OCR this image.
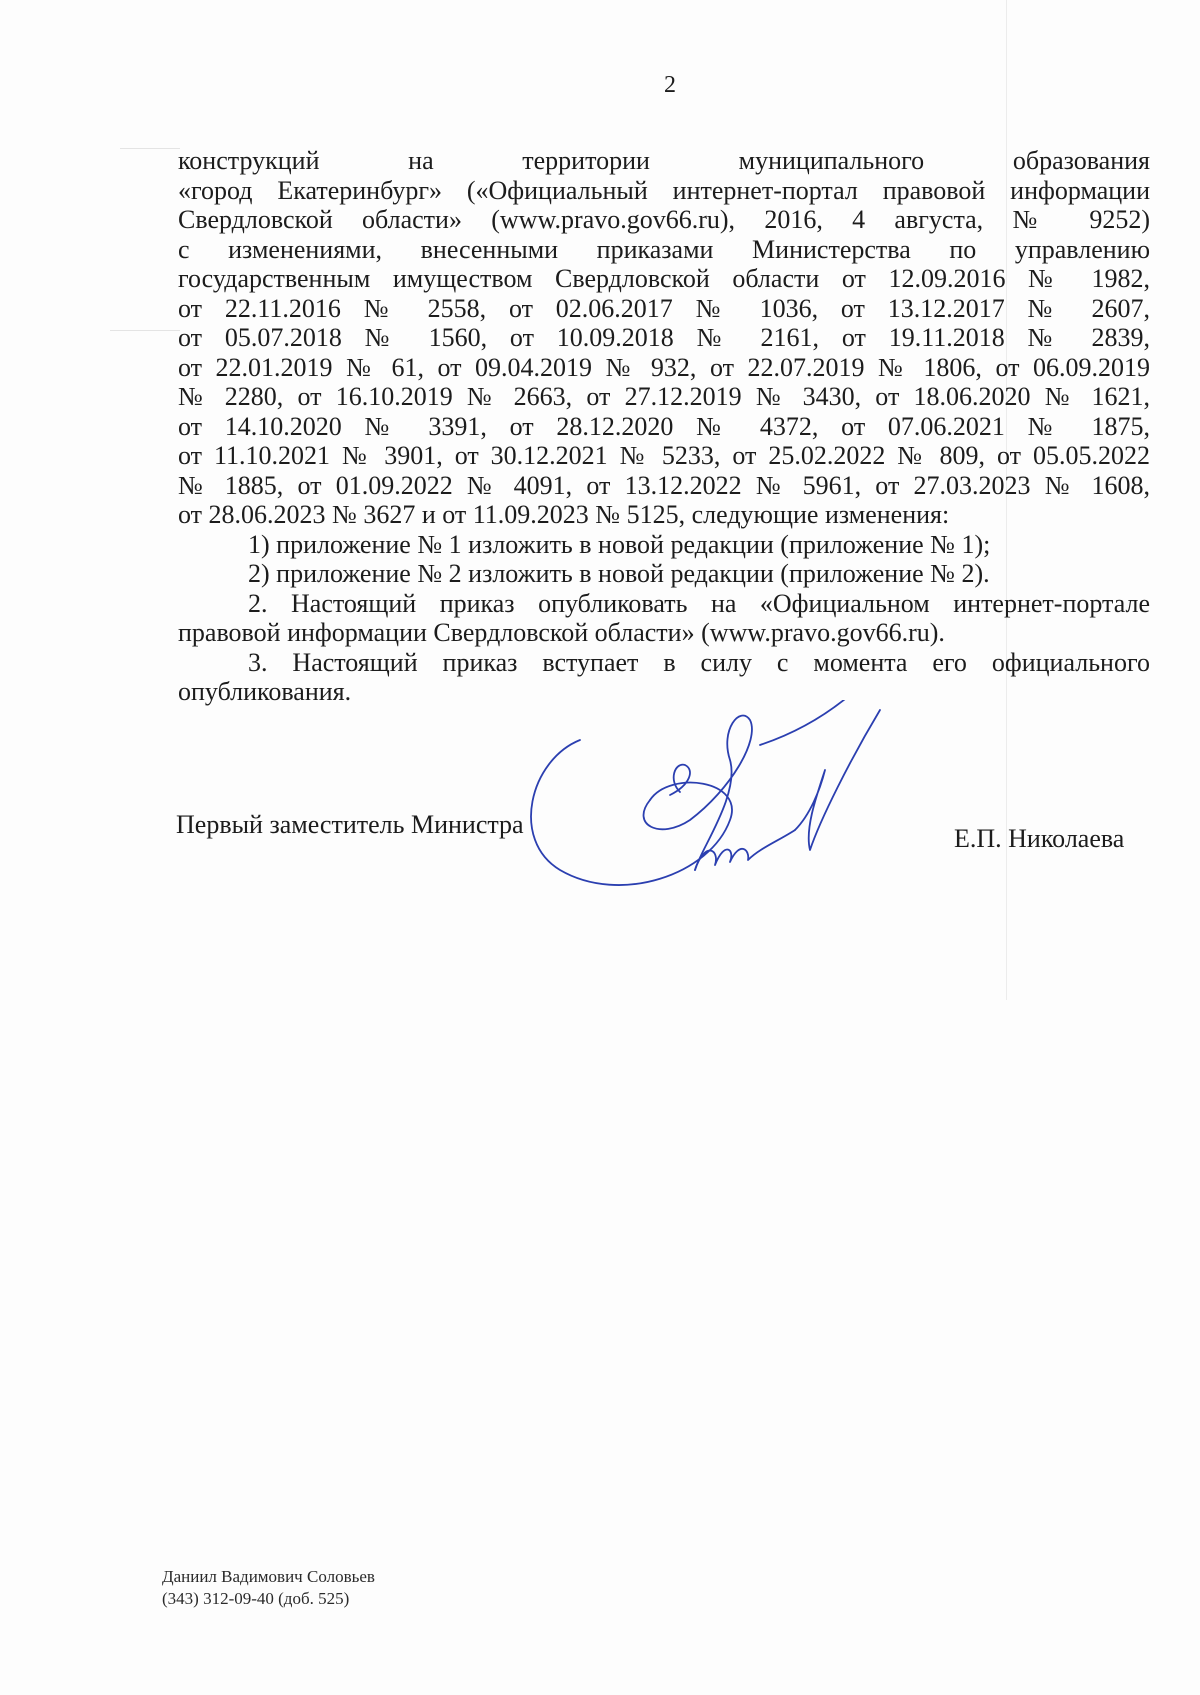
2
конструкций на территории муниципального образования
«город Екатеринбург» («Официальный интернет-портал правовой информации
Свердловской области» (www.pravo.gov66.ru), 2016, 4 августа, № 9252)
с изменениями, внесенными приказами Министерства по управлению
государственным имуществом Свердловской области от 12.09.2016 № 1982,
от 22.11.2016 № 2558, от 02.06.2017 № 1036, от 13.12.2017 № 2607,
от 05.07.2018 № 1560, от 10.09.2018 № 2161, от 19.11.2018 № 2839,
от 22.01.2019 № 61, от 09.04.2019 № 932, от 22.07.2019 № 1806, от 06.09.2019
№ 2280, от 16.10.2019 № 2663, от 27.12.2019 № 3430, от 18.06.2020 № 1621,
от 14.10.2020 № 3391, от 28.12.2020 № 4372, от 07.06.2021 № 1875,
от 11.10.2021 № 3901, от 30.12.2021 № 5233, от 25.02.2022 № 809, от 05.05.2022
№ 1885, от 01.09.2022 № 4091, от 13.12.2022 № 5961, от 27.03.2023 № 1608,
от 28.06.2023 № 3627 и от 11.09.2023 № 5125, следующие изменения:
1) приложение № 1 изложить в новой редакции (приложение № 1);
2) приложение № 2 изложить в новой редакции (приложение № 2).
2. Настоящий приказ опубликовать на «Официальном интернет-портале
правовой информации Свердловской области» (www.pravo.gov66.ru).
3. Настоящий приказ вступает в силу с момента его официального
опубликования.
Первый заместитель Министра	Е.П. Николаева
Даниил Вадимович Соловьев
(343) 312-09-40 (доб. 525)
